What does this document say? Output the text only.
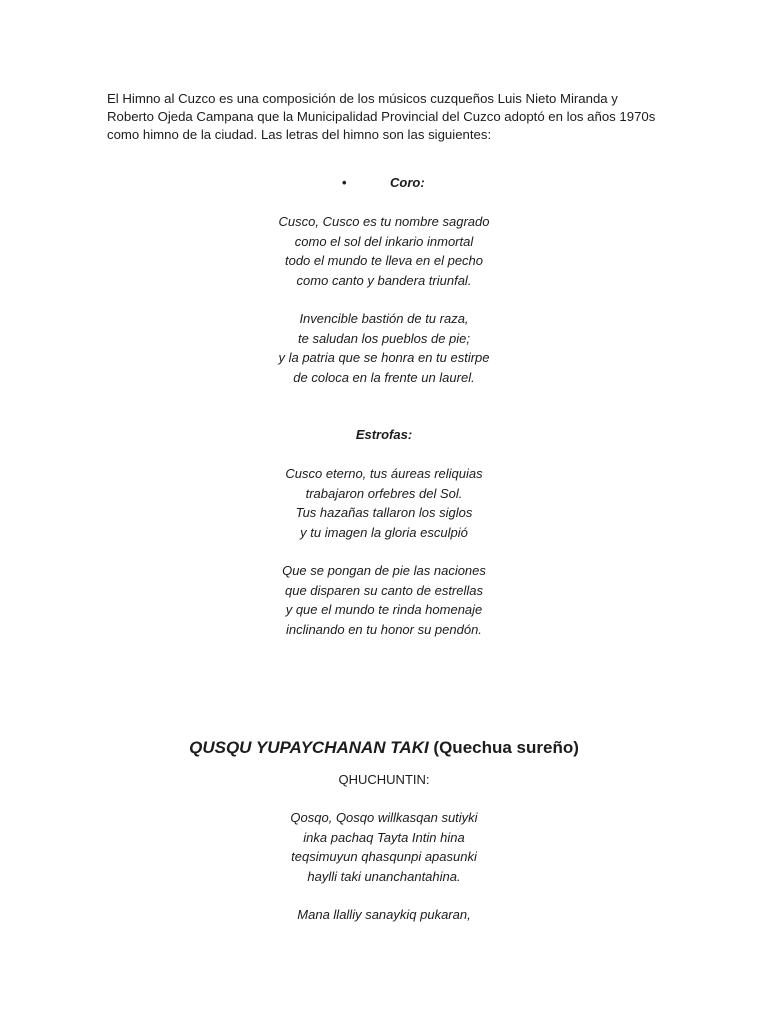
El Himno al Cuzco es una composición de los músicos cuzqueños Luis Nieto Miranda y Roberto Ojeda Campana que la Municipalidad Provincial del Cuzco adoptó en los años 1970s como himno de la ciudad. Las letras del himno son las siguientes:

•	Coro:
Cusco, Cusco es tu nombre sagrado
como el sol del inkario inmortal
todo el mundo te lleva en el pecho
como canto y bandera triunfal.
Invencible bastión de tu raza,
te saludan los pueblos de pie;
y la patria que se honra en tu estirpe
de coloca en la frente un laurel.
Estrofas:
Cusco eterno, tus áureas reliquias
trabajaron orfebres del Sol.
Tus hazañas tallaron los siglos
y tu imagen la gloria esculpió
Que se pongan de pie las naciones
que disparen su canto de estrellas
y que el mundo te rinda homenaje
inclinando en tu honor su pendón.
QUSQU YUPAYCHANAN TAKI (Quechua sureño)
QHUCHUNTIN:
Qosqo, Qosqo willkasqan sutiyki
inka pachaq Tayta Intin hina
teqsimuyun qhasqunpi apasunki
haylli taki unanchantahina.
Mana llalliy sanaykiq pukaran,
